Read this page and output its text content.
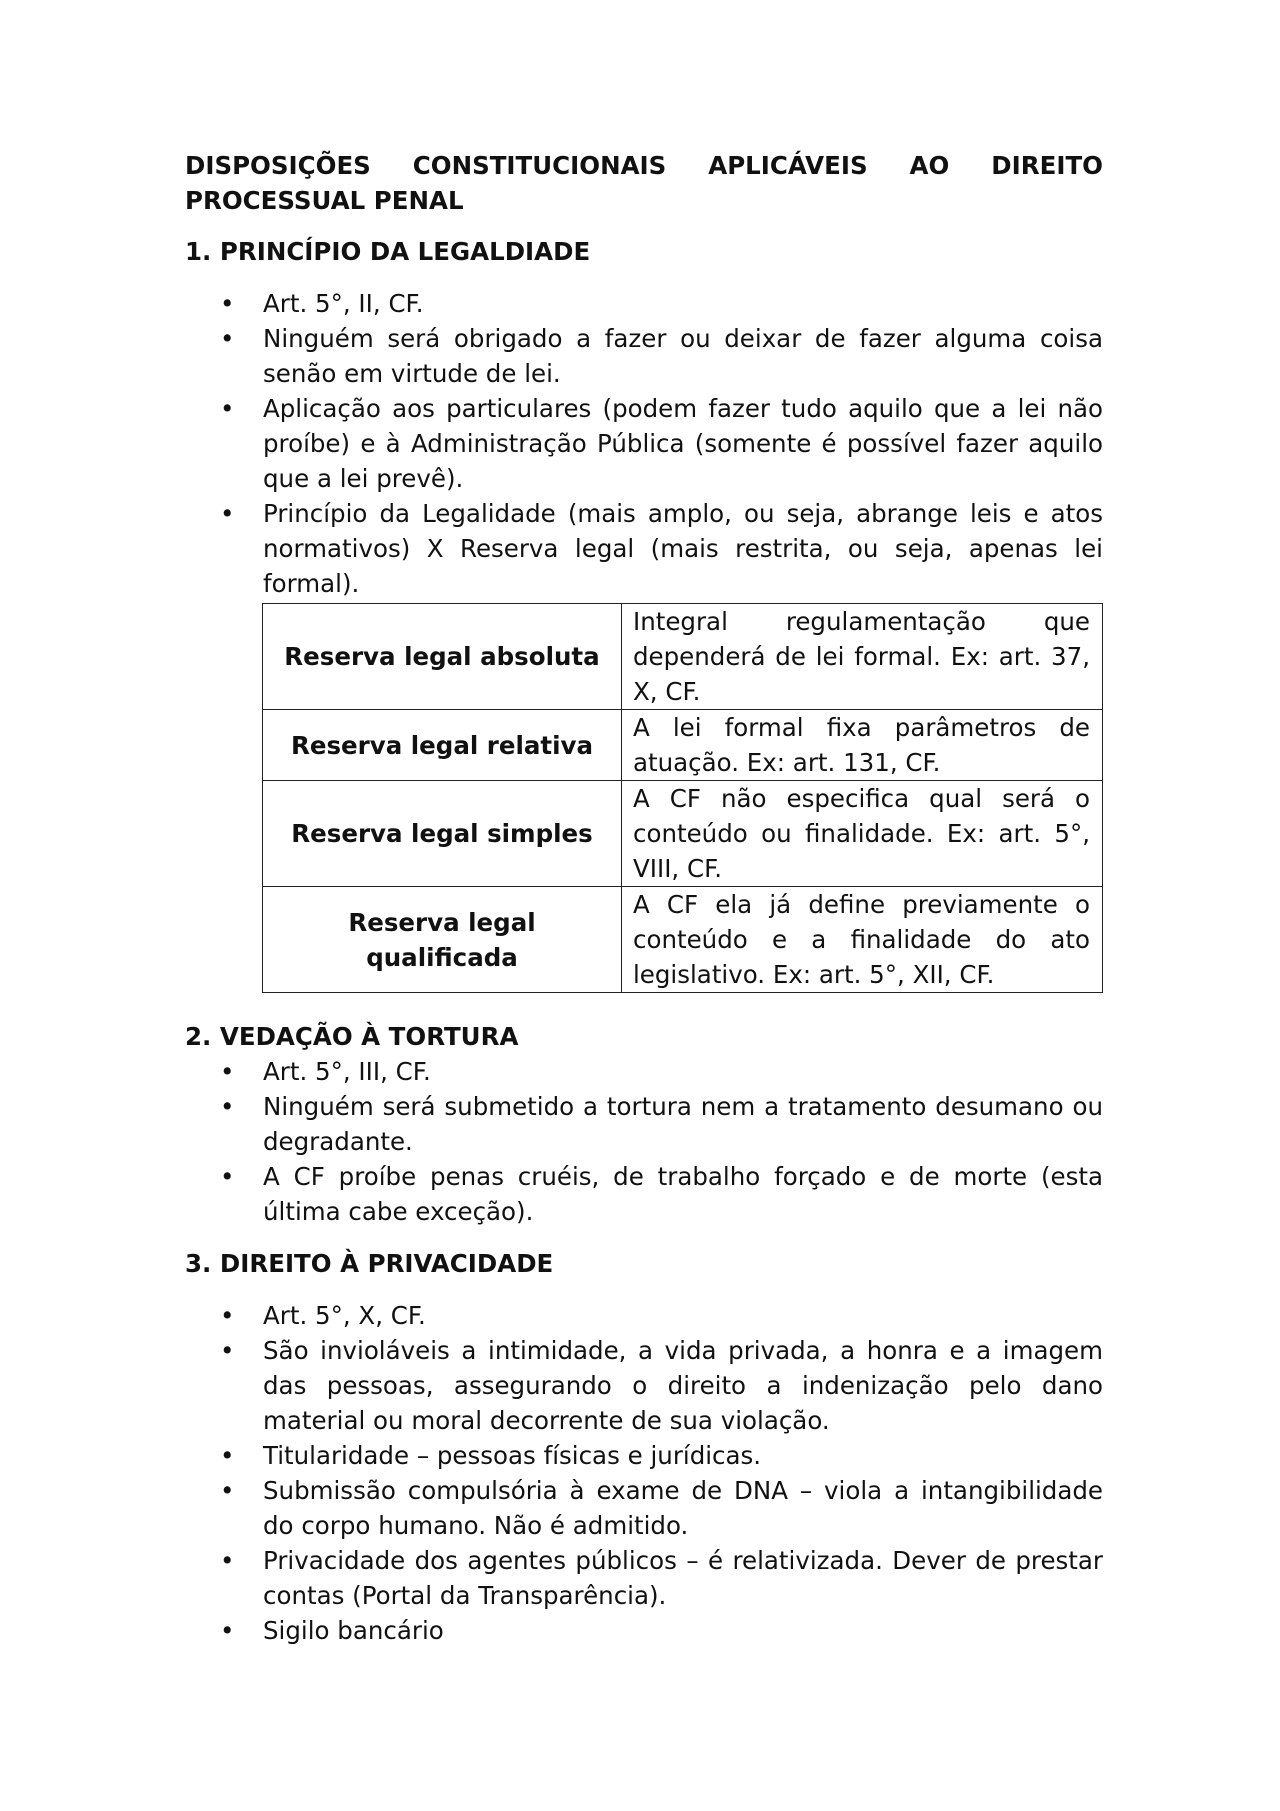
DISPOSIÇÕES CONSTITUCIONAIS APLICÁVEIS AO DIREITO PROCESSUAL PENAL
1. PRINCÍPIO DA LEGALDIADE
• Art. 5°, II, CF.
• Ninguém será obrigado a fazer ou deixar de fazer alguma coisa senão em virtude de lei.
• Aplicação aos particulares (podem fazer tudo aquilo que a lei não proíbe) e à Administração Pública (somente é possível fazer aquilo que a lei prevê).
• Princípio da Legalidade (mais amplo, ou seja, abrange leis e atos normativos) X Reserva legal (mais restrita, ou seja, apenas lei formal).
Reserva legal absoluta	Integral regulamentação que dependerá de lei formal. Ex: art. 37, X, CF.
Reserva legal relativa	A lei formal fixa parâmetros de atuação. Ex: art. 131, CF.
Reserva legal simples	A CF não especifica qual será o conteúdo ou finalidade. Ex: art. 5°, VIII, CF.
Reserva legal qualificada	A CF ela já define previamente o conteúdo e a finalidade do ato legislativo. Ex: art. 5°, XII, CF.
2. VEDAÇÃO À TORTURA
• Art. 5°, III, CF.
• Ninguém será submetido a tortura nem a tratamento desumano ou degradante.
• A CF proíbe penas cruéis, de trabalho forçado e de morte (esta última cabe exceção).
3. DIREITO À PRIVACIDADE
• Art. 5°, X, CF.
• São invioláveis a intimidade, a vida privada, a honra e a imagem das pessoas, assegurando o direito a indenização pelo dano material ou moral decorrente de sua violação.
• Titularidade – pessoas físicas e jurídicas.
• Submissão compulsória à exame de DNA – viola a intangibilidade do corpo humano. Não é admitido.
• Privacidade dos agentes públicos – é relativizada. Dever de prestar contas (Portal da Transparência).
• Sigilo bancário
